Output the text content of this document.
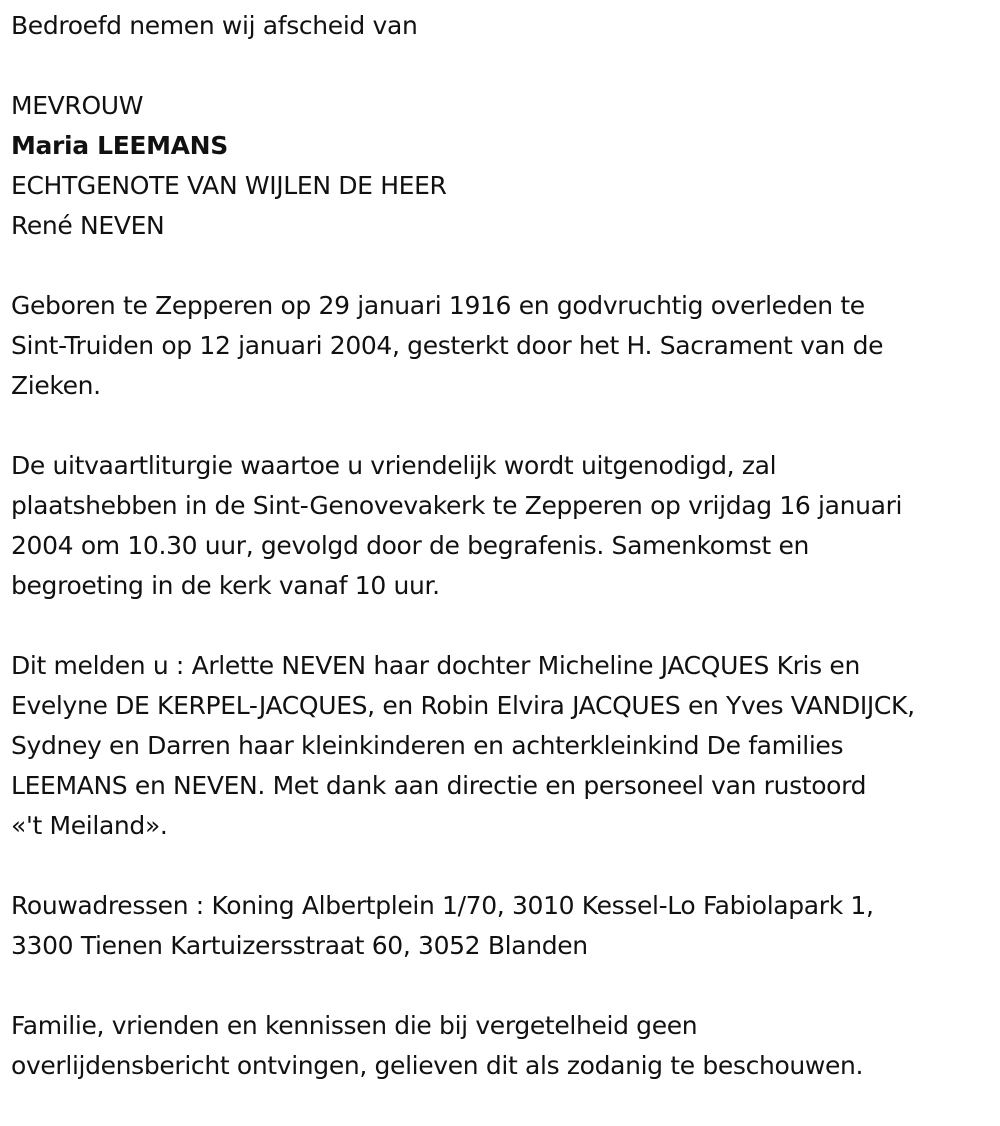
Bedroefd nemen wij afscheid van

MEVROUW

Maria LEEMANS

ECHTGENOTE VAN WIJLEN DE HEER

René NEVEN

Geboren te Zepperen op 29 januari 1916 en godvruchtig overleden te
Sint-Truiden op 12 januari 2004, gesterkt door het H. Sacrament van de
Zieken.
De uitvaartliturgie waartoe u vriendelijk wordt uitgenodigd, zal
plaatshebben in de Sint-Genovevakerk te Zepperen op vrijdag 16 januari
2004 om 10.30 uur, gevolgd door de begrafenis. Samenkomst en
begroeting in de kerk vanaf 10 uur.
Dit melden u : Arlette NEVEN haar dochter Micheline JACQUES Kris en
Evelyne DE KERPEL-JACQUES, en Robin Elvira JACQUES en Yves VANDIJCK,
Sydney en Darren haar kleinkinderen en achterkleinkind De families
LEEMANS en NEVEN. Met dank aan directie en personeel van rustoord
«'t Meiland».
Rouwadressen : Koning Albertplein 1/70, 3010 Kessel-Lo Fabiolapark 1,
3300 Tienen Kartuizersstraat 60, 3052 Blanden
Familie, vrienden en kennissen die bij vergetelheid geen
overlijdensbericht ontvingen, gelieven dit als zodanig te beschouwen.
